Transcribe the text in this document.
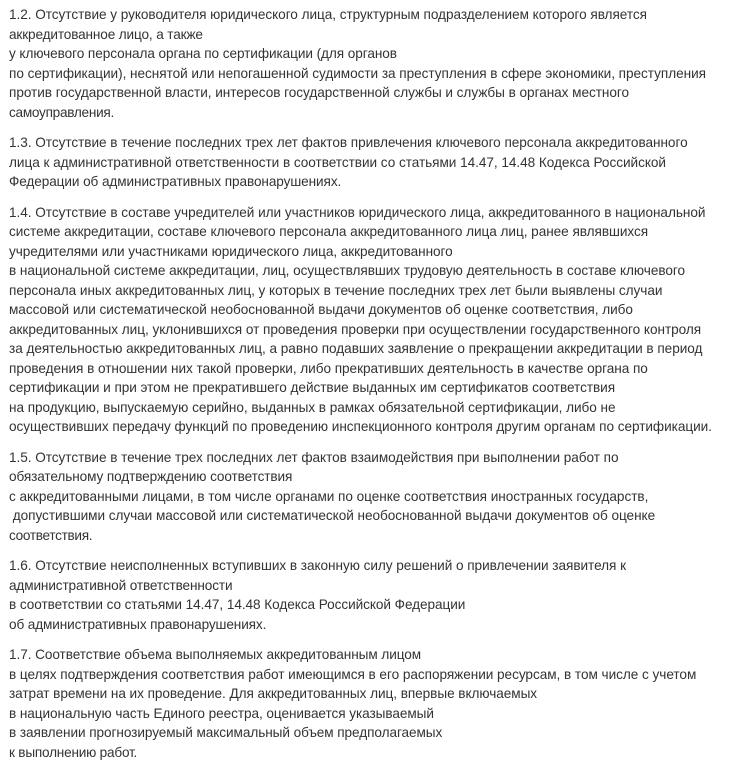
1.2. Отсутствие у руководителя юридического лица, структурным подразделением которого является
аккредитованное лицо, а также
у ключевого персонала органа по сертификации (для органов
по сертификации), неснятой или непогашенной судимости за преступления в сфере экономики, преступления
против государственной власти, интересов государственной службы и службы в органах местного
самоуправления.
1.3. Отсутствие в течение последних трех лет фактов привлечения ключевого персонала аккредитованного
лица к административной ответственности в соответствии со статьями 14.47, 14.48 Кодекса Российской
Федерации об административных правонарушениях.
1.4. Отсутствие в составе учредителей или участников юридического лица, аккредитованного в национальной
системе аккредитации, составе ключевого персонала аккредитованного лица лиц, ранее являвшихся
учредителями или участниками юридического лица, аккредитованного
в национальной системе аккредитации, лиц, осуществлявших трудовую деятельность в составе ключевого
персонала иных аккредитованных лиц, у которых в течение последних трех лет были выявлены случаи
массовой или систематической необоснованной выдачи документов об оценке соответствия, либо
аккредитованных лиц, уклонившихся от проведения проверки при осуществлении государственного контроля
за деятельностью аккредитованных лиц, а равно подавших заявление о прекращении аккредитации в период
проведения в отношении них такой проверки, либо прекративших деятельность в качестве органа по
сертификации и при этом не прекратившего действие выданных им сертификатов соответствия
на продукцию, выпускаемую серийно, выданных в рамках обязательной сертификации, либо не
осуществивших передачу функций по проведению инспекционного контроля другим органам по сертификации.
1.5. Отсутствие в течение трех последних лет фактов взаимодействия при выполнении работ по
обязательному подтверждению соответствия
с аккредитованными лицами, в том числе органами по оценке соответствия иностранных государств,
допустившими случаи массовой или систематической необоснованной выдачи документов об оценке
соответствия.
1.6. Отсутствие неисполненных вступивших в законную силу решений о привлечении заявителя к
административной ответственности
в соответствии со статьями 14.47, 14.48 Кодекса Российской Федерации
об административных правонарушениях.
1.7. Соответствие объема выполняемых аккредитованным лицом
в целях подтверждения соответствия работ имеющимся в его распоряжении ресурсам, в том числе с учетом
затрат времени на их проведение. Для аккредитованных лиц, впервые включаемых
в национальную часть Единого реестра, оценивается указываемый
в заявлении прогнозируемый максимальный объем предполагаемых
к выполнению работ.
